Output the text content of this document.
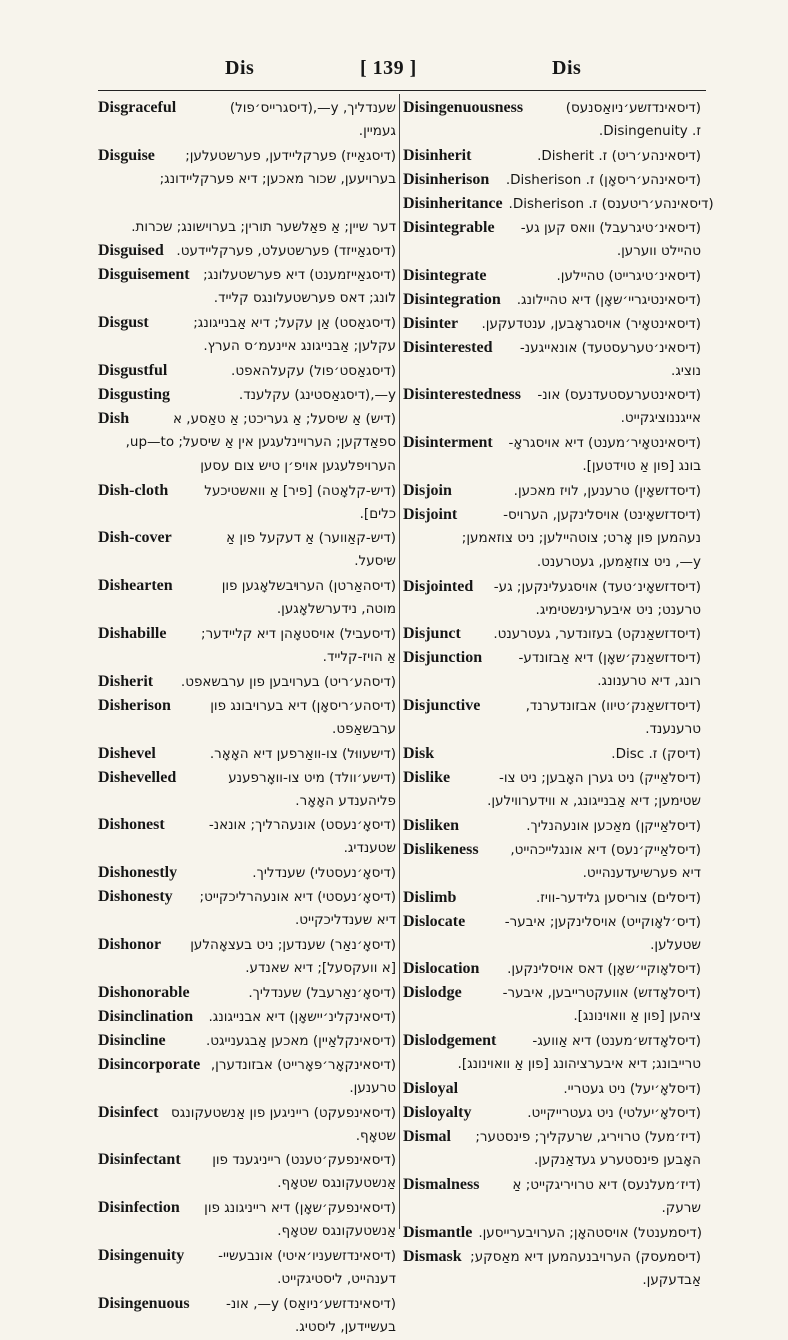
Dis	[ 139 ]	Dis
Disgraceful	שענדליך, y—,(דיסגרייס׳פול)
געמיין.
Disguise	(דיסגאַייז) פערקליידען, פערשטעלען;
בערויעען, שכור מאכען; דיא פערקליידונג;
דער שיין; אַ פאַלשער תורין; בערוישונג; שכרות.
Disguised (דיסגאַייזד) פערשטעלט, פערקליידעט.
Disguisement	(דיסגאַייזמענט) דיא פערשטעלונג;
לונג; דאס פערשטעלונגס קלייד.
Disgust	(דיסגאַסט) אַן עקעל; דיא אַבנייגונג;
עקלען; אַבנייגונג איינעמ׳ס הערץ.
Disgustful	(דיסגאַסט׳פול) עקעלהאפט.
Disgusting	y—,(דיסגאַסטינג) עקלענד.
Dish	(דיש) אַ שיסעל; אַ געריכט; אַ טאַסע, א
ספאַדקען; הערויינלעגען אין אַ שיסעל; up—to,
הערויפלעגען אויפ׳ן טיש צום עסען
Dish-cloth	(דיש-קלאָטה) [פיר] אַ וואשטיכעל
כלים].
Dish-cover	(דיש-קאַווער) אַ דעקעל פון אַ
שיסעל.
Dishearten	(דיסהאַרטן) הערױבשלאָגען פון
מוטה, נידערשלאָגען.
Dishabille	(דיסעביל) אויסטאָהן דיא קליידער;
אַ הויז-קלייד.
Disherit	(דיסהע׳ריט) בערויבען פון ערבשאפט.
Disherison	(דיסהע׳ריסאָן) דיא בערויבונג פון
ערבשאַפט.
Dishevel	(דישעווּל) צו-וואַרפען דיא האָאָר.
Dishevelled	(דישע׳וולד) מיט צו-וואָרפענע
פליהענדע האָאָר.
Dishonest	(דיסאָ׳נעסט) אונעהרליך; אונאנ-
שטענדיג.
Dishonestly	(דיסאָ׳נעסטלי) שענדליך.
Dishonesty	(דיסאָ׳נעסטי) דיא אונעהרליכקייט;
דיא שענדליכקייט.
Dishonor	(דיסאָ׳נאַר) שענדען; ניט בעצאָהלען
[א וועקסעל]; דיא שאנדע.
Dishonorable	(דיסאָ׳נאַרעבל) שענדליך.
Disinclination	(דיסאינקלינ׳יישאָן) דיא אבנייגונג.
Disincline	(דיסאינקלאַיין) מאכען אַבגענייגט.
Disincorporate (דיסאינקאָר׳פּאָרייט) אבזונדערן,
טרענען.
Disinfect (דיסאינפעקט) רייניגען פון אַנשטעקונגס
שטאָף.
Disinfectant	(דיסאינפעק׳טענט) רייניגענד פון
אַנשטעקונגס שטאָף.
Disinfection	(דיסאינפעק׳שאָן) דיא רייניגונג פון
אַנשטעקונגס שטאָף.
Disingenuity	(דיסאינדזשעניו׳איטי) אונבעשיי-
דענהייט, ליסטיגקייט.
Disingenuous	(דיסאינדזשע׳ניואַס) y—, אונ-
בעשיידען, ליסטיג.
Disingenuousness	(דיסאינדזשע׳ניואַסנעס)
ז. Disingenuity.
Disinherit	(דיסאינהע׳ריט) ז. Disherit.
Disinherison	(דיסאינהע׳ריסאָן) ז. Disherison.
Disinheritance (דיסאינהע׳ריטענס) ז. Disherison.
Disintegrable	(דיסאינ׳טיגרעבל) וואס קען גע-
טהיילט ווערען.
Disintegrate	(דיסאינ׳טיגרייט) טהיילען.
Disintegration	(דיסאינטיגריי׳שאָן) דיא טהיילונג.
Disinter	(דיסאינטאָיר) אויסגראָבען, ענטדעקען.
Disinterested	(דיסאינ׳טערעסטעד) אונאייגענ-
נוציג.
Disinterestedness	(דיסאינטערעסטעדנעס) אונ-
אייגננוציגקייט.
Disinterment	(דיסאינטאָיר׳מענט) דיא אויסגראָ-
בונג [פון אַ טוידטען].
Disjoin	(דיסדזשאָין) טרענען, לויז מאכען.
Disjoint	(דיסדזשאָינט) אויסלינקען, הערויס-
נעהמען פון אָרט; צוטהיילען; ניט צוזאמען;
y—, ניט צוזאַמען, געטרענט.
Disjointed	(דיסדזשאָינ׳טעד) אויסגעלינקען; גע-
טרענט; ניט איבערעינשטימיג.
Disjunct	(דיסדזשאַנקט) בעזונדער, געטרענט.
Disjunction	(דיסדזשאַנק׳שאָן) דיא אַבזונדע-
רונג, דיא טרענונג.
Disjunctive	(דיסדזשאַנק׳טיוו) אבזונדערנד,
טרענענד.
Disk	(דיסק) ז. Disc.
Dislike	(דיסלאַייק) ניט גערן האָבען; ניט צו-
שטימען; דיא אַבנייגונג, א ווידערווילען.
Disliken	(דיסלאַייקן) מאַכען אונעהנליך.
Dislikeness	(דיסלאַייק׳נעס) דיא אונגלייכהייט,
דיא פערשיעדענהייט.
Dislimb	(דיסלים) צוריסען גלידער-וויז.
Dislocate	(דיס׳לאָוקייט) אויסלינקען; איבער-
שטעלען.
Dislocation	(דיסלאָוקיי׳שאָן) דאס אויסלינקען.
Dislodge	(דיסלאָדזש) אוועקטרייבען, איבער-
ציהען [פון אַ וואוינונג].
Dislodgement	(דיסלאָדזש׳מענט) דיא אַוועג-
טרייבונג; דיא איבערציהונג [פון אַ וואוינונג].
Disloyal	(דיסלאָ׳יעל) ניט געטריי.
Disloyalty	(דיסלאָ׳יעלטי) ניט געטרייקייט.
Dismal	(דיז׳מעל) טרויריג, שרעקליך; פינסטער;
האָבען פינסטערע געדאַנקען.
Dismalness	(דיז׳מעלנעס) דיא טרויריגקייט; אַ
שרעק.
Dismantle (דיסמענטל) אויסטהאָן; הערויבערייסען.
Dismask (דיסמעסק) הערויבנעהמען דיא מאַסקע;
אַבדעקען.
